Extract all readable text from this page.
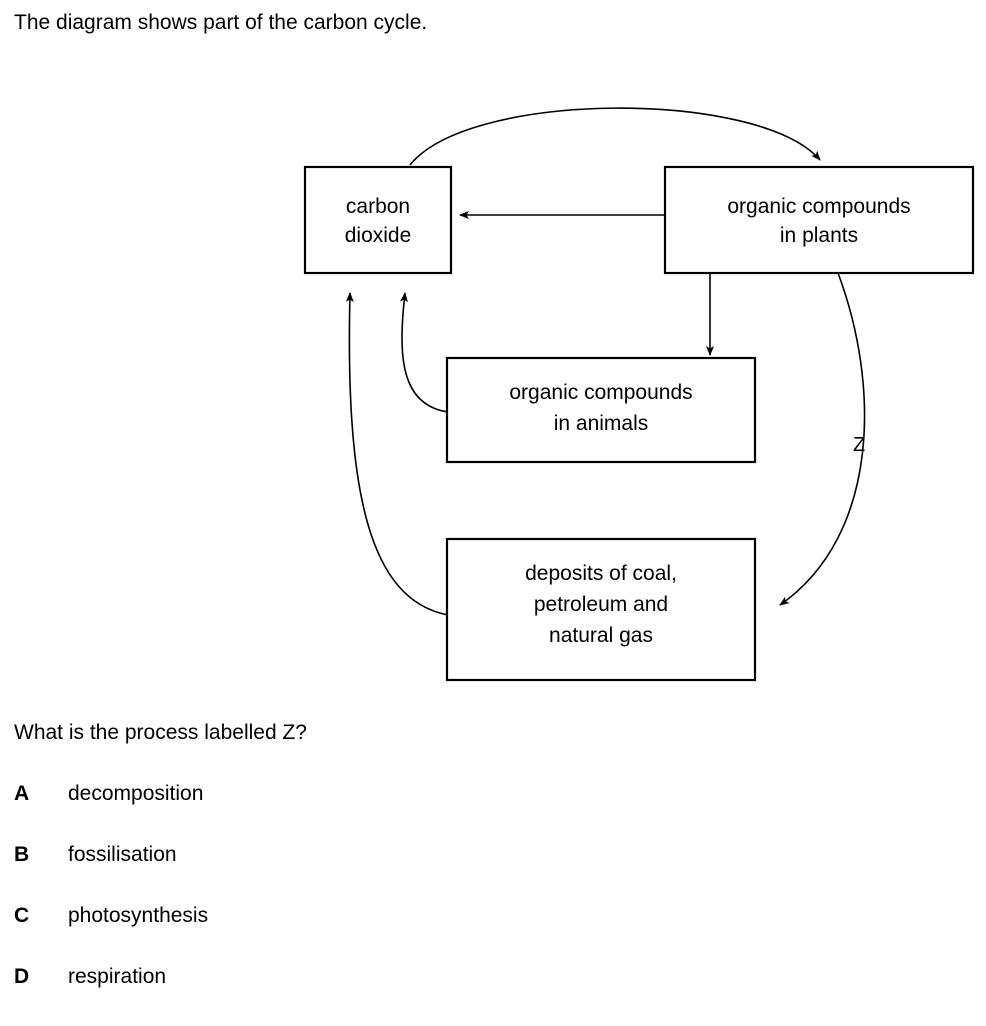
The diagram shows part of the carbon cycle.
carbon
dioxide
organic compounds
in plants
organic compounds
in animals
deposits of coal,
petroleum and
natural gas
Z
What is the process labelled Z?
A	decomposition
B	fossilisation
C	photosynthesis
D	respiration
